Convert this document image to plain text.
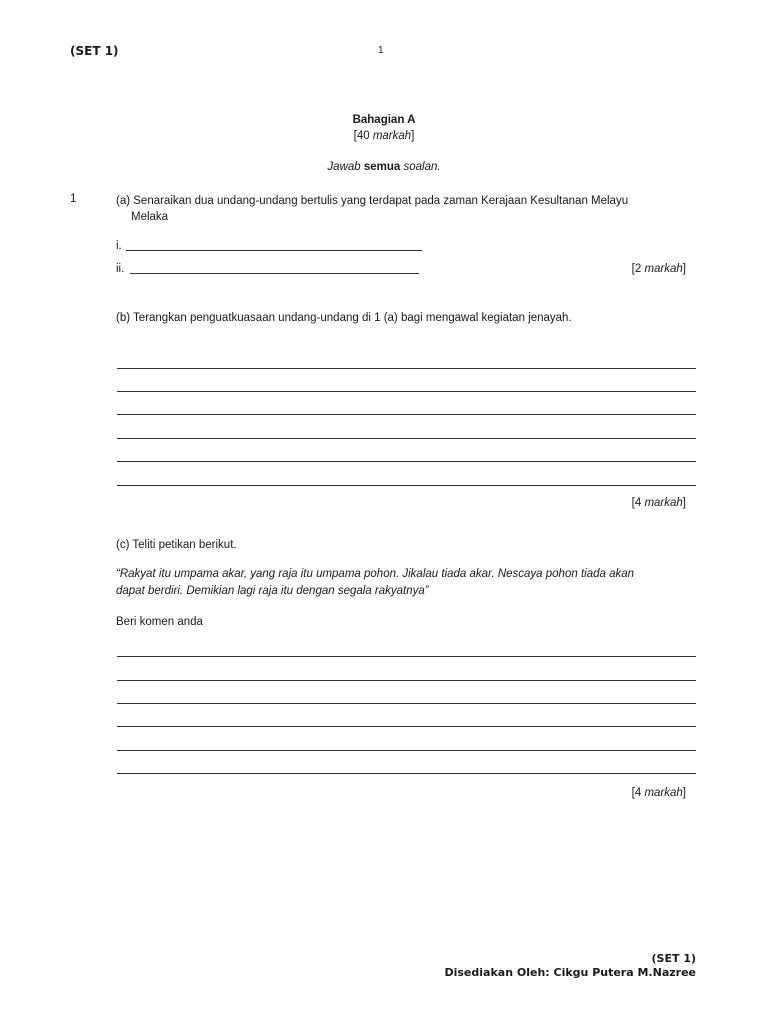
(SET 1)	1
Bahagian A
[40 markah]
Jawab semua soalan.
1	(a) Senaraikan dua undang-undang bertulis yang terdapat pada zaman Kerajaan Kesultanan Melayu
Melaka
i.
ii.	[2 markah]
(b) Terangkan penguatkuasaan undang-undang di 1 (a) bagi mengawal kegiatan jenayah.
[4 markah]
(c) Teliti petikan berikut.
“Rakyat itu umpama akar, yang raja itu umpama pohon. Jikalau tiada akar. Nescaya pohon tiada akan
dapat berdiri. Demikian lagi raja itu dengan segala rakyatnya”
Beri komen anda
[4 markah]
(SET 1)
Disediakan Oleh: Cikgu Putera M.Nazree
